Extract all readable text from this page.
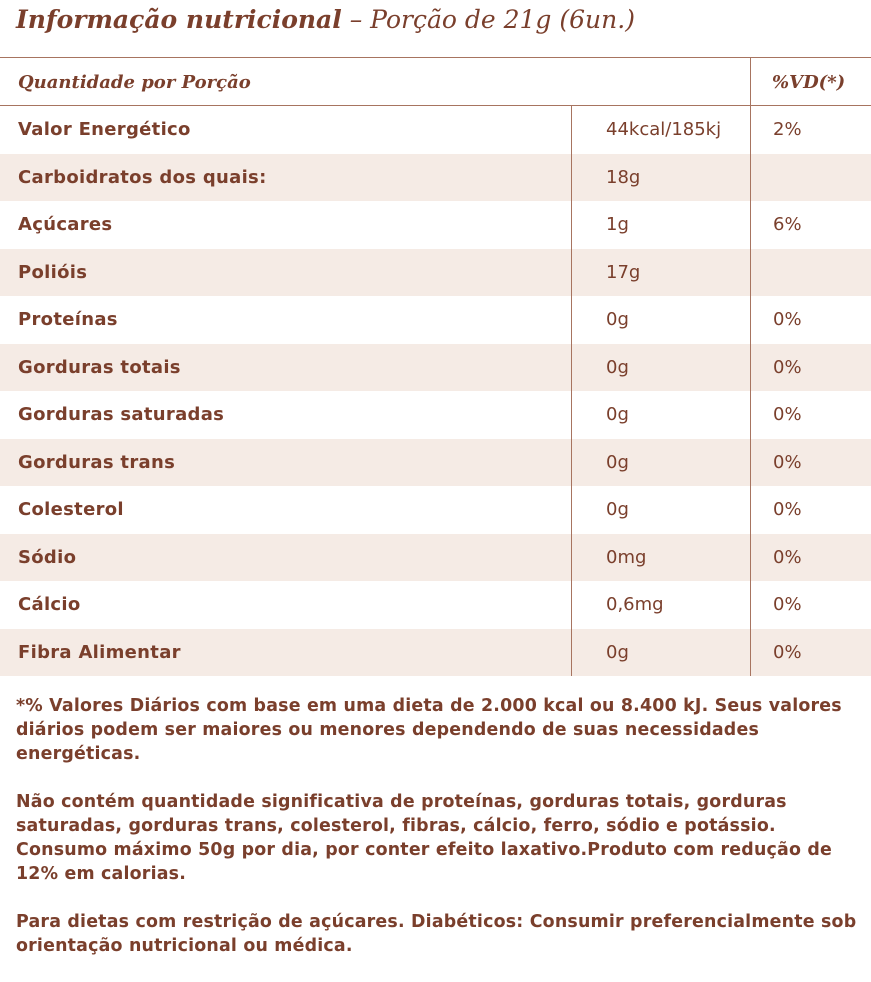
Informação nutricional – Porção de 21g (6un.)
Quantidade por Porção	%VD(*)
Valor Energético	44kcal/185kj	2%
Carboidratos dos quais:	18g
Açúcares	1g	6%
Polióis	17g
Proteínas	0g	0%
Gorduras totais	0g	0%
Gorduras saturadas	0g	0%
Gorduras trans	0g	0%
Colesterol	0g	0%
Sódio	0mg	0%
Cálcio	0,6mg	0%
Fibra Alimentar	0g	0%

*% Valores Diários com base em uma dieta de 2.000 kcal ou 8.400 kJ. Seus valores diários podem ser maiores ou menores dependendo de suas necessidades energéticas.

Não contém quantidade significativa de proteínas, gorduras totais, gorduras saturadas, gorduras trans, colesterol, fibras, cálcio, ferro, sódio e potássio. Consumo máximo 50g por dia, por conter efeito laxativo.Produto com redução de 12% em calorias.

Para dietas com restrição de açúcares. Diabéticos: Consumir preferencialmente sob orientação nutricional ou médica.
